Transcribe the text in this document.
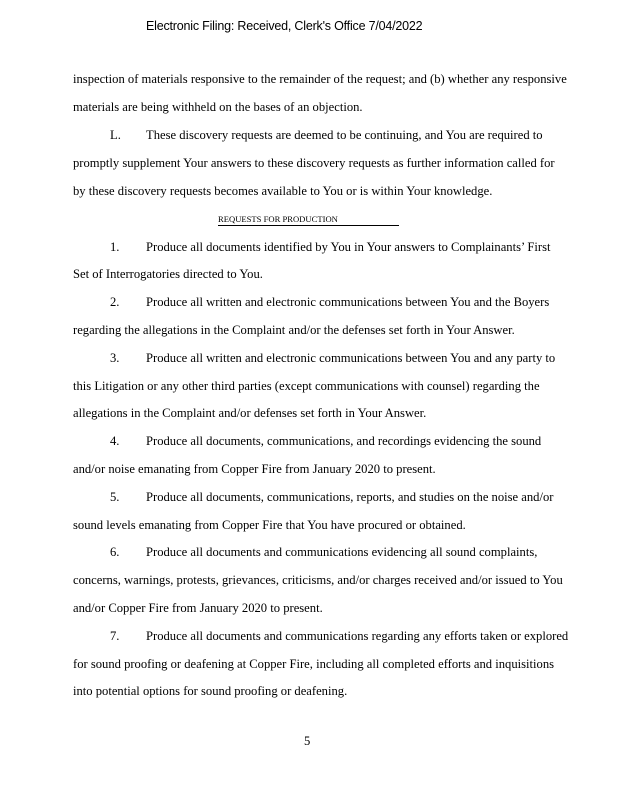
Electronic Filing: Received, Clerk's Office 7/04/2022
inspection of materials responsive to the remainder of the request; and (b) whether any responsive
materials are being withheld on the bases of an objection.
L. These discovery requests are deemed to be continuing, and You are required to
promptly supplement Your answers to these discovery requests as further information called for
by these discovery requests becomes available to You or is within Your knowledge.
REQUESTS FOR PRODUCTION
1. Produce all documents identified by You in Your answers to Complainants’ First
Set of Interrogatories directed to You.
2. Produce all written and electronic communications between You and the Boyers
regarding the allegations in the Complaint and/or the defenses set forth in Your Answer.
3. Produce all written and electronic communications between You and any party to
this Litigation or any other third parties (except communications with counsel) regarding the
allegations in the Complaint and/or defenses set forth in Your Answer.
4. Produce all documents, communications, and recordings evidencing the sound
and/or noise emanating from Copper Fire from January 2020 to present.
5. Produce all documents, communications, reports, and studies on the noise and/or
sound levels emanating from Copper Fire that You have procured or obtained.
6. Produce all documents and communications evidencing all sound complaints,
concerns, warnings, protests, grievances, criticisms, and/or charges received and/or issued to You
and/or Copper Fire from January 2020 to present.
7. Produce all documents and communications regarding any efforts taken or explored
for sound proofing or deafening at Copper Fire, including all completed efforts and inquisitions
into potential options for sound proofing or deafening.
5
